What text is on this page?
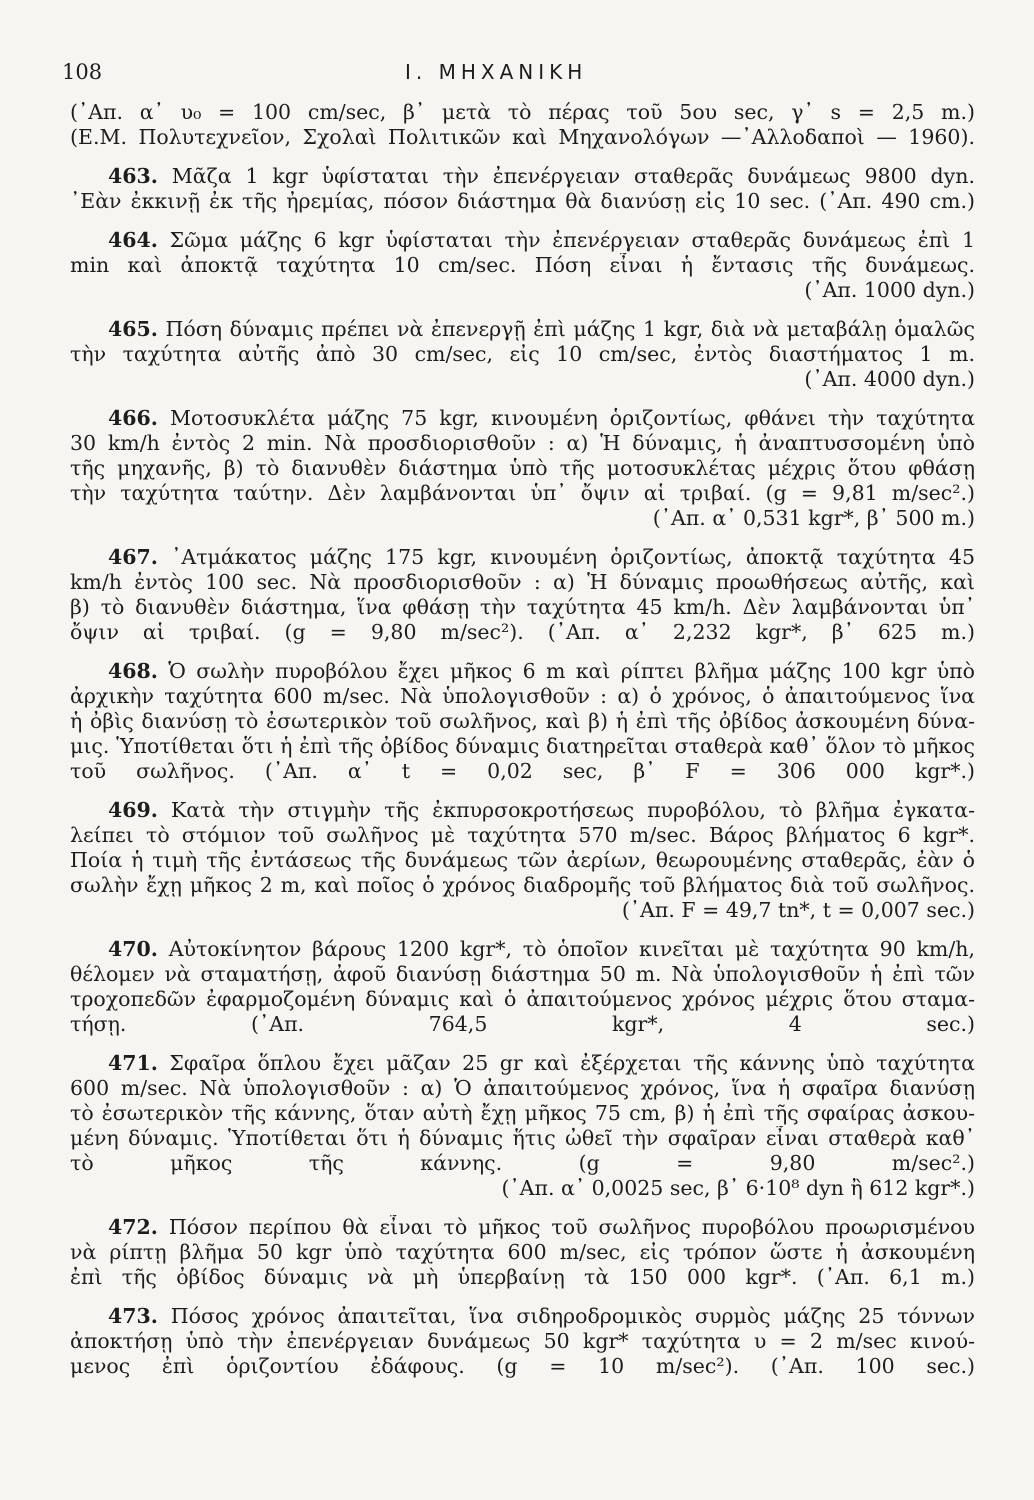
108	I. ΜΗΧΑΝΙΚΗ
(᾿Απ. α᾿ υ₀ = 100 cm/sec, β᾿ μετὰ τὸ πέρας τοῦ 5ου sec, γ᾿ s = 2,5 m.)
(Ε.Μ. Πολυτεχνεῖον, Σχολαὶ Πολιτικῶν καὶ Μηχανολόγων —᾿Αλλοδαποὶ — 1960).
463. Μᾶζα 1 kgr ὑφίσταται τὴν ἐπενέργειαν σταθερᾶς δυνάμεως 9800 dyn.
᾿Εὰν ἐκκινῇ ἐκ τῆς ἠρεμίας, πόσον διάστημα θὰ διανύσῃ εἰς 10 sec. (᾿Απ. 490 cm.)
464. Σῶμα μάζης 6 kgr ὑφίσταται τὴν ἐπενέργειαν σταθερᾶς δυνάμεως ἐπὶ 1
min καὶ ἀποκτᾷ ταχύτητα 10 cm/sec. Πόση εἶναι ἡ ἔντασις τῆς δυνάμεως.
(᾿Απ. 1000 dyn.)
465. Πόση δύναμις πρέπει νὰ ἐπενεργῇ ἐπὶ μάζης 1 kgr, διὰ νὰ μεταβάλῃ ὁμαλῶς
τὴν ταχύτητα αὐτῆς ἀπὸ 30 cm/sec, εἰς 10 cm/sec, ἐντὸς διαστήματος 1 m.
(᾿Απ. 4000 dyn.)
466. Μοτοσυκλέτα μάζης 75 kgr, κινουμένη ὁριζοντίως, φθάνει τὴν ταχύτητα
30 km/h ἐντὸς 2 min. Νὰ προσδιορισθοῦν : α) Ἡ δύναμις, ἡ ἀναπτυσσομένη ὑπὸ
τῆς μηχανῆς, β) τὸ διανυθὲν διάστημα ὑπὸ τῆς μοτοσυκλέτας μέχρις ὅτου φθάσῃ
τὴν ταχύτητα ταύτην. Δὲν λαμβάνονται ὑπ᾿ ὄψιν αἱ τριβαί. (g = 9,81 m/sec².)
(᾿Απ. α᾿ 0,531 kgr*, β᾿ 500 m.)
467. ᾿Ατμάκατος μάζης 175 kgr, κινουμένη ὁριζοντίως, ἀποκτᾷ ταχύτητα 45
km/h ἐντὸς 100 sec. Νὰ προσδιορισθοῦν : α) Ἡ δύναμις προωθήσεως αὐτῆς, καὶ
β) τὸ διανυθὲν διάστημα, ἵνα φθάσῃ τὴν ταχύτητα 45 km/h. Δὲν λαμβάνονται ὑπ᾿
ὄψιν αἱ τριβαί. (g = 9,80 m/sec²). (᾿Απ. α᾿ 2,232 kgr*, β᾿ 625 m.)
468. Ὁ σωλὴν πυροβόλου ἔχει μῆκος 6 m καὶ ρίπτει βλῆμα μάζης 100 kgr ὑπὸ
ἀρχικὴν ταχύτητα 600 m/sec. Νὰ ὑπολογισθοῦν : α) ὁ χρόνος, ὁ ἀπαιτούμενος ἵνα
ἡ ὀβὶς διανύσῃ τὸ ἐσωτερικὸν τοῦ σωλῆνος, καὶ β) ἡ ἐπὶ τῆς ὀβίδος ἀσκουμένη δύνα-
μις. Ὑποτίθεται ὅτι ἡ ἐπὶ τῆς ὀβίδος δύναμις διατηρεῖται σταθερὰ καθ᾿ ὅλον τὸ μῆκος
τοῦ σωλῆνος. (᾿Απ. α᾿ t = 0,02 sec, β᾿ F = 306 000 kgr*.)
469. Κατὰ τὴν στιγμὴν τῆς ἐκπυρσοκροτήσεως πυροβόλου, τὸ βλῆμα ἐγκατα-
λείπει τὸ στόμιον τοῦ σωλῆνος μὲ ταχύτητα 570 m/sec. Βάρος βλήματος 6 kgr*.
Ποία ἡ τιμὴ τῆς ἐντάσεως τῆς δυνάμεως τῶν ἀερίων, θεωρουμένης σταθερᾶς, ἐὰν ὁ
σωλὴν ἔχῃ μῆκος 2 m, καὶ ποῖος ὁ χρόνος διαδρομῆς τοῦ βλήματος διὰ τοῦ σωλῆνος.
(᾿Απ. F = 49,7 tn*, t = 0,007 sec.)
470. Αὐτοκίνητον βάρους 1200 kgr*, τὸ ὁποῖον κινεῖται μὲ ταχύτητα 90 km/h,
θέλομεν νὰ σταματήσῃ, ἀφοῦ διανύσῃ διάστημα 50 m. Νὰ ὑπολογισθοῦν ἡ ἐπὶ τῶν
τροχοπεδῶν ἐφαρμοζομένη δύναμις καὶ ὁ ἀπαιτούμενος χρόνος μέχρις ὅτου σταμα-
τήσῃ. (᾿Απ. 764,5 kgr*, 4 sec.)
471. Σφαῖρα ὅπλου ἔχει μᾶζαν 25 gr καὶ ἐξέρχεται τῆς κάννης ὑπὸ ταχύτητα
600 m/sec. Νὰ ὑπολογισθοῦν : α) Ὁ ἀπαιτούμενος χρόνος, ἵνα ἡ σφαῖρα διανύσῃ
τὸ ἐσωτερικὸν τῆς κάννης, ὅταν αὐτὴ ἔχῃ μῆκος 75 cm, β) ἡ ἐπὶ τῆς σφαίρας ἀσκου-
μένη δύναμις. Ὑποτίθεται ὅτι ἡ δύναμις ἥτις ὠθεῖ τὴν σφαῖραν εἶναι σταθερὰ καθ᾿
τὸ μῆκος τῆς κάννης. (g = 9,80 m/sec².)
(᾿Απ. α᾿ 0,0025 sec, β᾿ 6·10⁸ dyn ἢ 612 kgr*.)
472. Πόσον περίπου θὰ εἶναι τὸ μῆκος τοῦ σωλῆνος πυροβόλου προωρισμένου
νὰ ρίπτῃ βλῆμα 50 kgr ὑπὸ ταχύτητα 600 m/sec, εἰς τρόπον ὥστε ἡ ἀσκουμένη
ἐπὶ τῆς ὀβίδος δύναμις νὰ μὴ ὑπερβαίνῃ τὰ 150 000 kgr*. (᾿Απ. 6,1 m.)
473. Πόσος χρόνος ἀπαιτεῖται, ἵνα σιδηροδρομικὸς συρμὸς μάζης 25 τόννων
ἀποκτήσῃ ὑπὸ τὴν ἐπενέργειαν δυνάμεως 50 kgr* ταχύτητα υ = 2 m/sec κινού-
μενος ἐπὶ ὁριζοντίου ἐδάφους. (g = 10 m/sec²). (᾿Απ. 100 sec.)
